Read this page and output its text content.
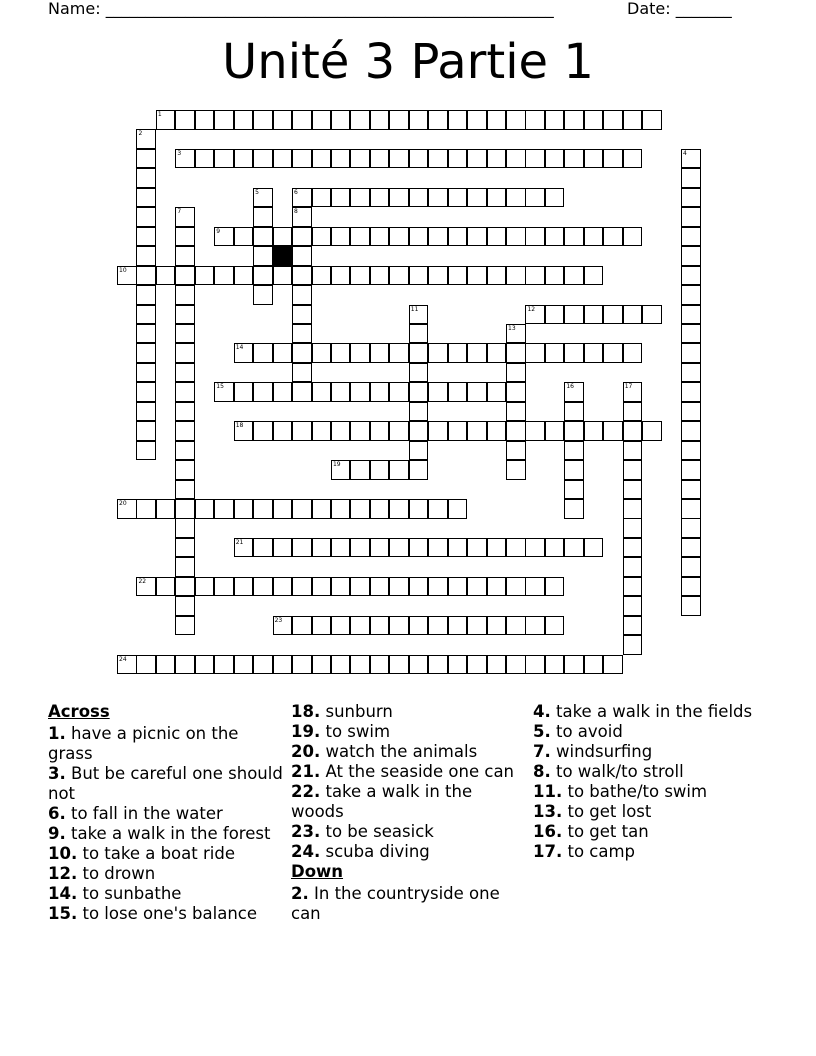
Name: ________________________________________________________	Date: _______
Unité 3 Partie 1
1
2
3	4
5	6
7	8
9
10
11	12
13
14
15	16	17
18
19
20
21
22
23
24
Across
1. have a picnic on the grass
3. But be careful one should not
6. to fall in the water
9. take a walk in the forest
10. to take a boat ride
12. to drown
14. to sunbathe
15. to lose one's balance
18. sunburn
19. to swim
20. watch the animals
21. At the seaside one can
22. take a walk in the woods
23. to be seasick
24. scuba diving
Down
2. In the countryside one can
4. take a walk in the fields
5. to avoid
7. windsurfing
8. to walk/to stroll
11. to bathe/to swim
13. to get lost
16. to get tan
17. to camp
